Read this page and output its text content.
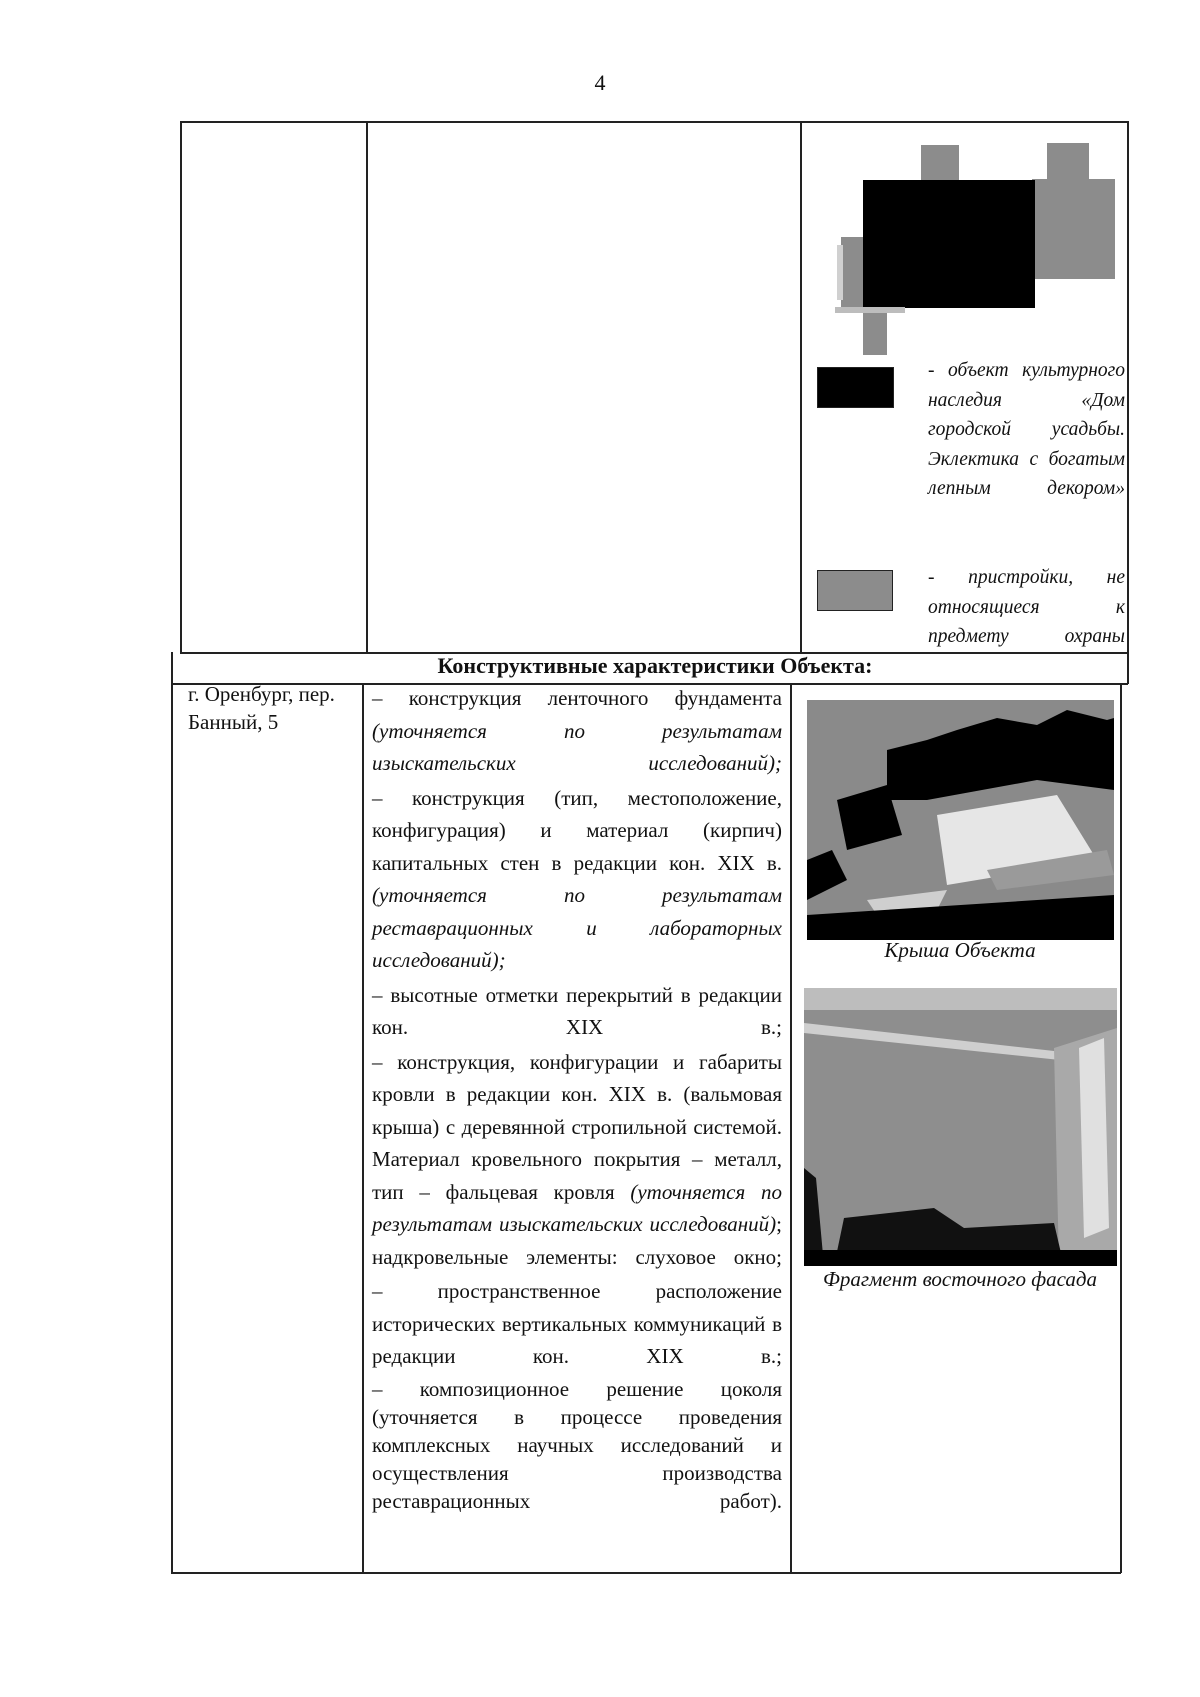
4
- объект культурного наследия «Дом городской усадьбы. Эклектика с богатым лепным декором»
- пристройки, не относящиеся к предмету охраны
Конструктивные характеристики Объекта:
г. Оренбург, пер. Банный, 5

– конструкция ленточного фундамента (уточняется по результатам изыскательских исследований);

– конструкция (тип, местоположение, конфигурация) и материал (кирпич) капитальных стен в редакции кон. XIX в. (уточняется по результатам реставрационных и лабораторных исследований);

– высотные отметки перекрытий в редакции кон. XIX в.;

– конструкция, конфигурации и габариты кровли в редакции кон. XIX в. (вальмовая крыша) с деревянной стропильной системой. Материал кровельного покрытия – металл, тип – фальцевая кровля (уточняется по результатам изыскательских исследований); надкровельные элементы: слуховое окно;

– пространственное расположение исторических вертикальных коммуникаций в редакции кон. XIX в.;

– композиционное решение цоколя (уточняется в процессе проведения комплексных научных исследований и осуществления производства реставрационных работ).

Крыша Объекта
Фрагмент восточного фасада
